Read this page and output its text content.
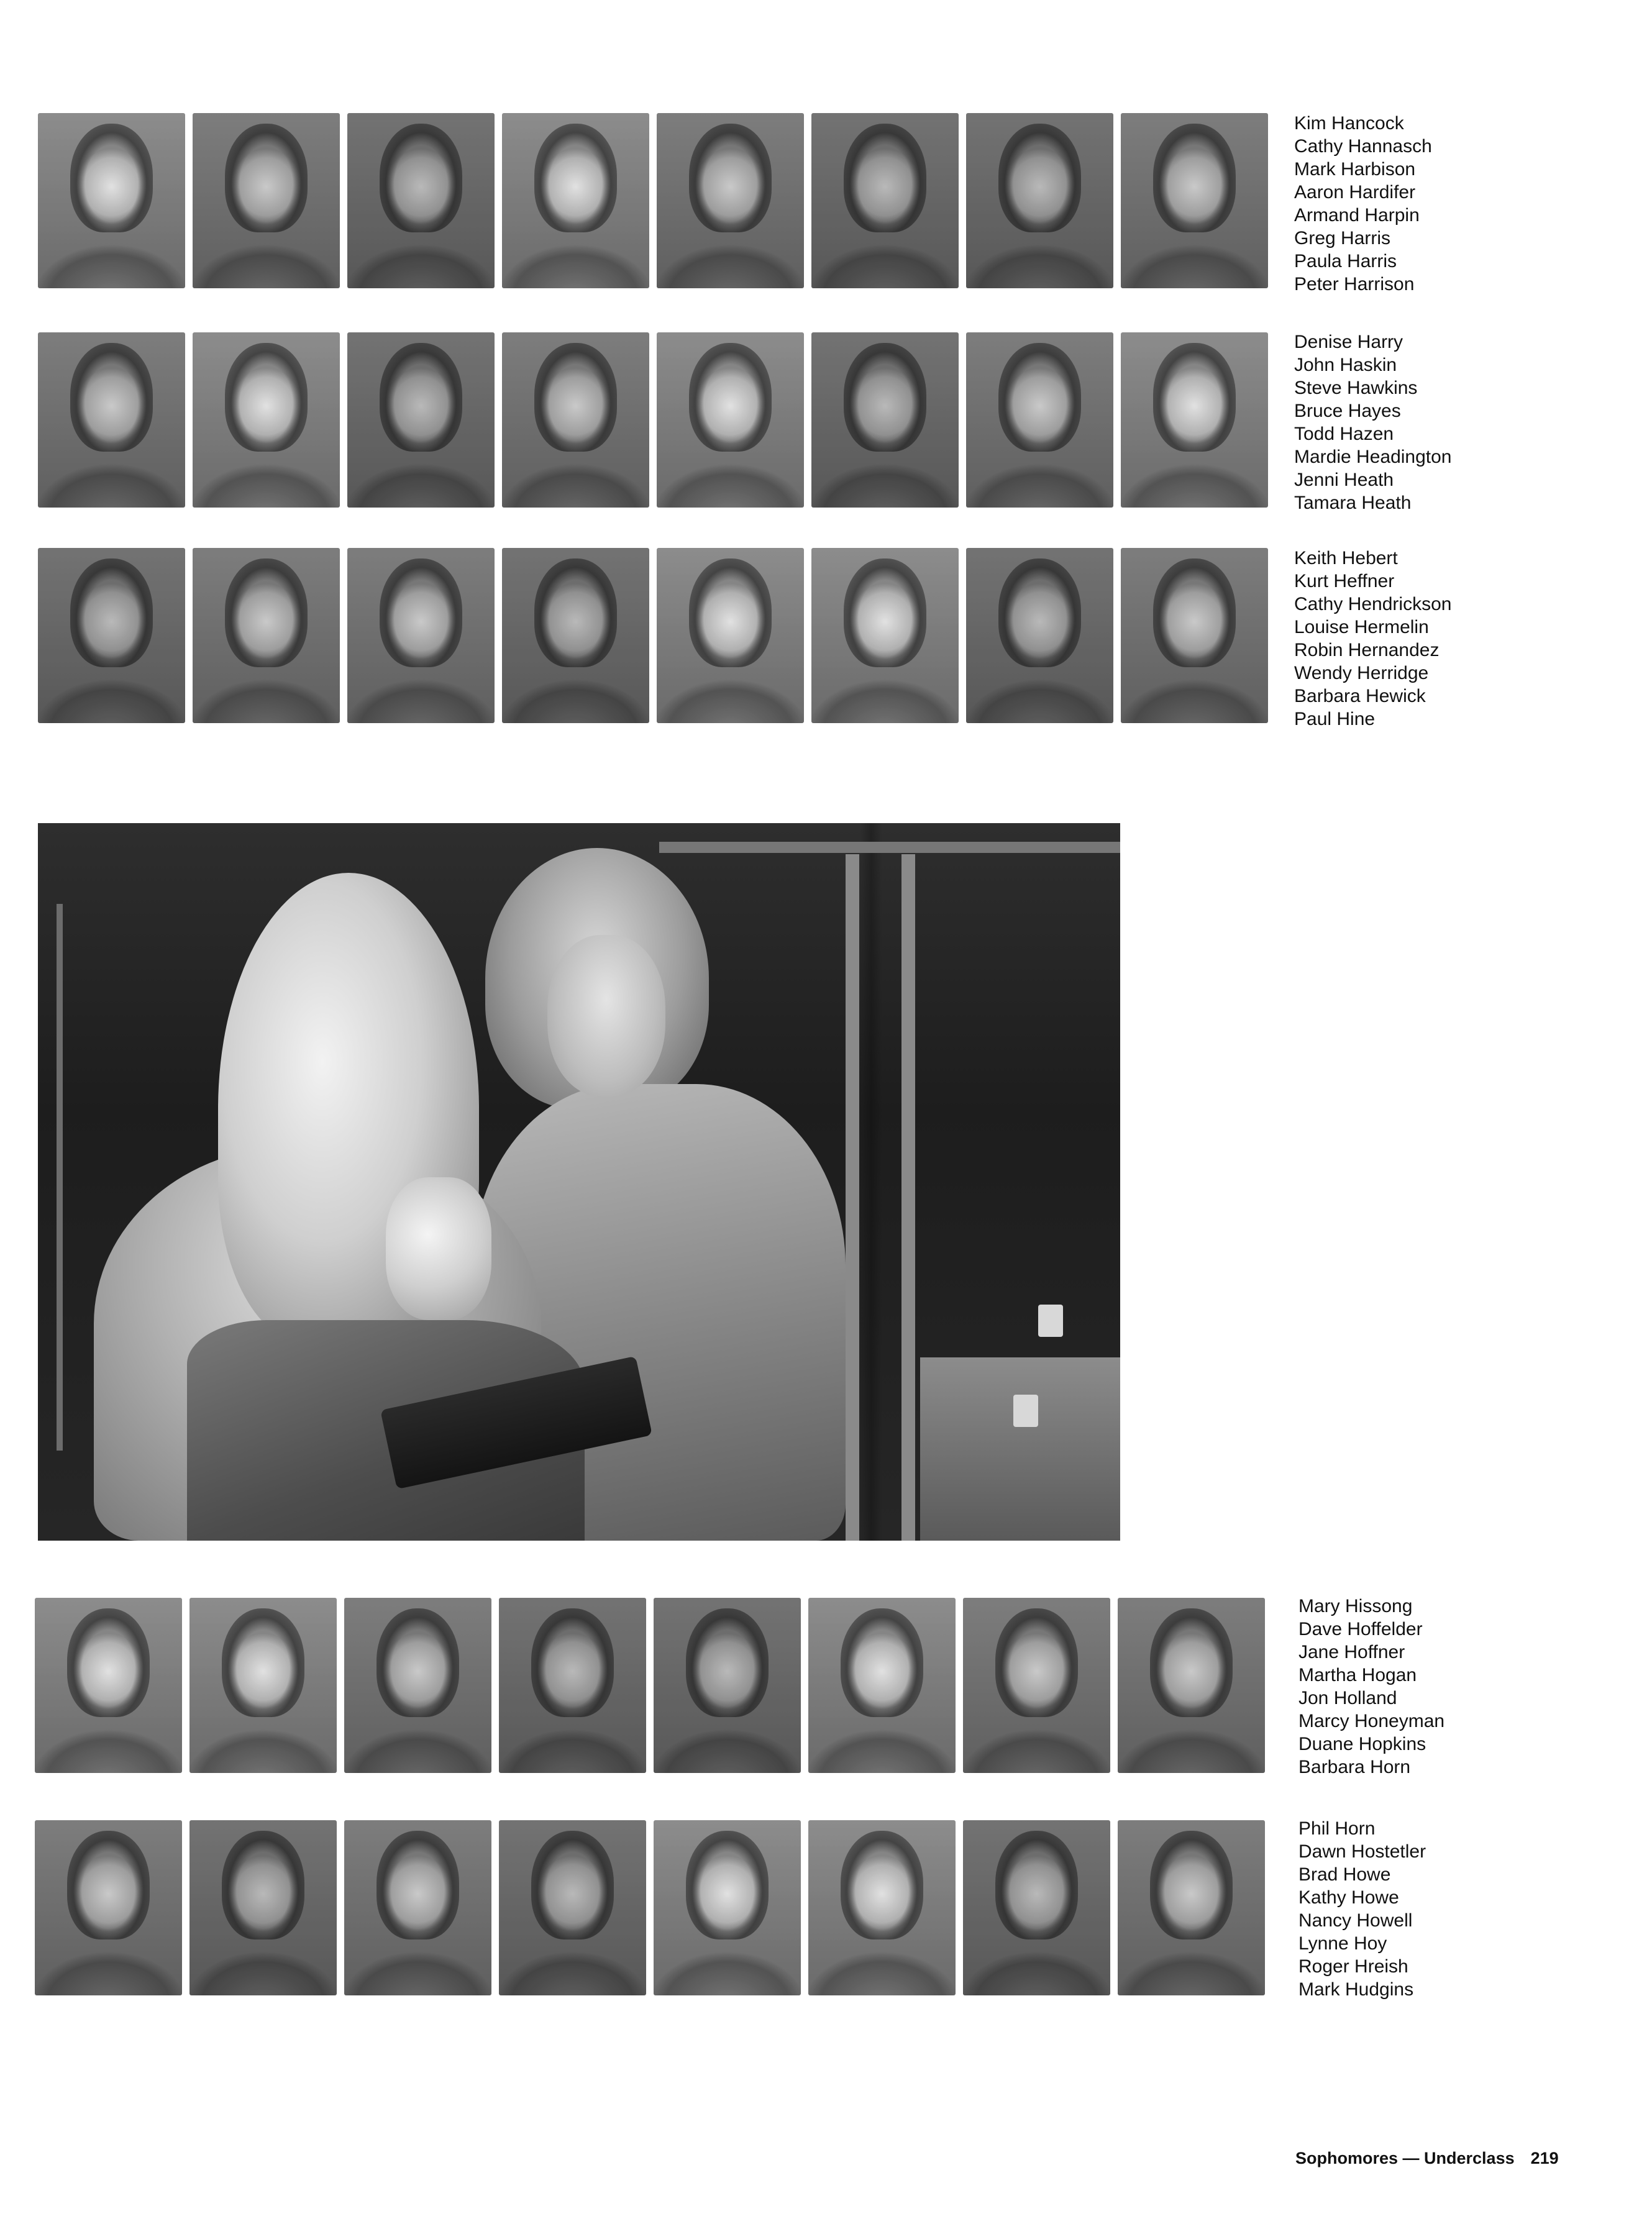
Kim Hancock
Cathy Hannasch
Mark Harbison
Aaron Hardifer
Armand Harpin
Greg Harris
Paula Harris
Peter Harrison
Denise Harry
John Haskin
Steve Hawkins
Bruce Hayes
Todd Hazen
Mardie Headington
Jenni Heath
Tamara Heath
Keith Hebert
Kurt Heffner
Cathy Hendrickson
Louise Hermelin
Robin Hernandez
Wendy Herridge
Barbara Hewick
Paul Hine
Mary Hissong
Dave Hoffelder
Jane Hoffner
Martha Hogan
Jon Holland
Marcy Honeyman
Duane Hopkins
Barbara Horn
Phil Horn
Dawn Hostetler
Brad Howe
Kathy Howe
Nancy Howell
Lynne Hoy
Roger Hreish
Mark Hudgins
Sophomores — Underclass 219
